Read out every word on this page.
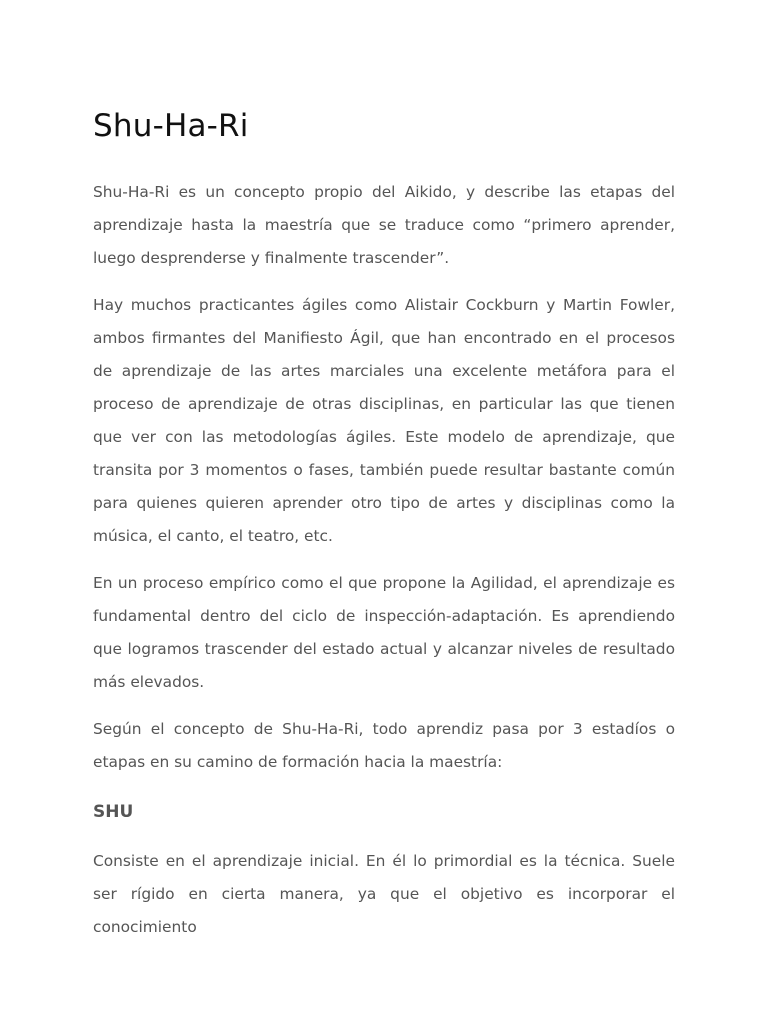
Shu-Ha-Ri

Shu-Ha-Ri es un concepto propio del Aikido, y describe las etapas del aprendizaje hasta la maestría que se traduce como “primero aprender, luego desprenderse y finalmente trascender”.

Hay muchos practicantes ágiles como Alistair Cockburn y Martin Fowler, ambos firmantes del Manifiesto Ágil, que han encontrado en el procesos de aprendizaje de las artes marciales una excelente metáfora para el proceso de aprendizaje de otras disciplinas, en particular las que tienen que ver con las metodologías ágiles. Este modelo de aprendizaje, que transita por 3 momentos o fases, también puede resultar bastante común para quienes quieren aprender otro tipo de artes y disciplinas como la música, el canto, el teatro, etc.

En un proceso empírico como el que propone la Agilidad, el aprendizaje es fundamental dentro del ciclo de inspección-adaptación. Es aprendiendo que logramos trascender del estado actual y alcanzar niveles de resultado más elevados.

Según el concepto de Shu-Ha-Ri, todo aprendiz pasa por 3 estadíos o etapas en su camino de formación hacia la maestría:

SHU

Consiste en el aprendizaje inicial. En él lo primordial es la técnica. Suele ser rígido en cierta manera, ya que el objetivo es incorporar el conocimiento
